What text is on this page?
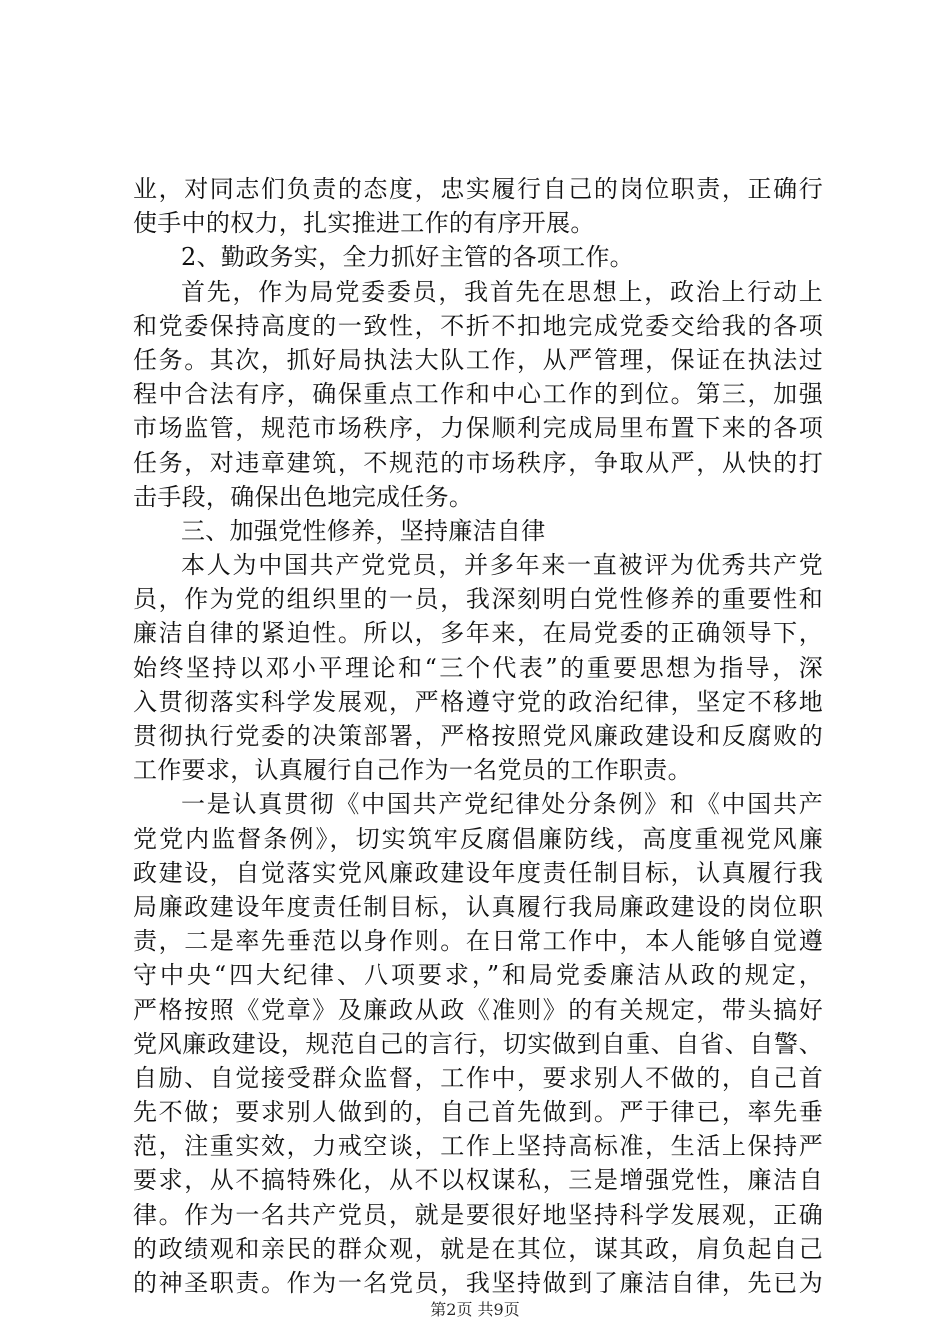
业，对同志们负责的态度，忠实履行自己的岗位职责，正确行
使手中的权力，扎实推进工作的有序开展。
2、勤政务实，全力抓好主管的各项工作。
首先，作为局党委委员，我首先在思想上，政治上行动上
和党委保持高度的一致性，不折不扣地完成党委交给我的各项
任务。其次，抓好局执法大队工作，从严管理，保证在执法过
程中合法有序，确保重点工作和中心工作的到位。第三，加强
市场监管，规范市场秩序，力保顺利完成局里布置下来的各项
任务，对违章建筑，不规范的市场秩序，争取从严，从快的打
击手段，确保出色地完成任务。
三、加强党性修养，坚持廉洁自律
本人为中国共产党党员，并多年来一直被评为优秀共产党
员，作为党的组织里的一员，我深刻明白党性修养的重要性和
廉洁自律的紧迫性。所以，多年来，在局党委的正确领导下，
始终坚持以邓小平理论和“三个代表”的重要思想为指导，深
入贯彻落实科学发展观，严格遵守党的政治纪律，坚定不移地
贯彻执行党委的决策部署，严格按照党风廉政建设和反腐败的
工作要求，认真履行自己作为一名党员的工作职责。
一是认真贯彻《中国共产党纪律处分条例》和《中国共产
党党内监督条例》，切实筑牢反腐倡廉防线，高度重视党风廉
政建设，自觉落实党风廉政建设年度责任制目标，认真履行我
局廉政建设年度责任制目标，认真履行我局廉政建设的岗位职
责，二是率先垂范以身作则。在日常工作中，本人能够自觉遵
守中央“四大纪律、八项要求，”和局党委廉洁从政的规定，
严格按照《党章》及廉政从政《准则》的有关规定，带头搞好
党风廉政建设，规范自己的言行，切实做到自重、自省、自警、
自励、自觉接受群众监督，工作中，要求别人不做的，自己首
先不做；要求别人做到的，自己首先做到。严于律已，率先垂
范，注重实效，力戒空谈，工作上坚持高标准，生活上保持严
要求，从不搞特殊化，从不以权谋私，三是增强党性，廉洁自
律。作为一名共产党员，就是要很好地坚持科学发展观，正确
的政绩观和亲民的群众观，就是在其位，谋其政，肩负起自己
的神圣职责。作为一名党员，我坚持做到了廉洁自律，先已为
第2页 共9页
